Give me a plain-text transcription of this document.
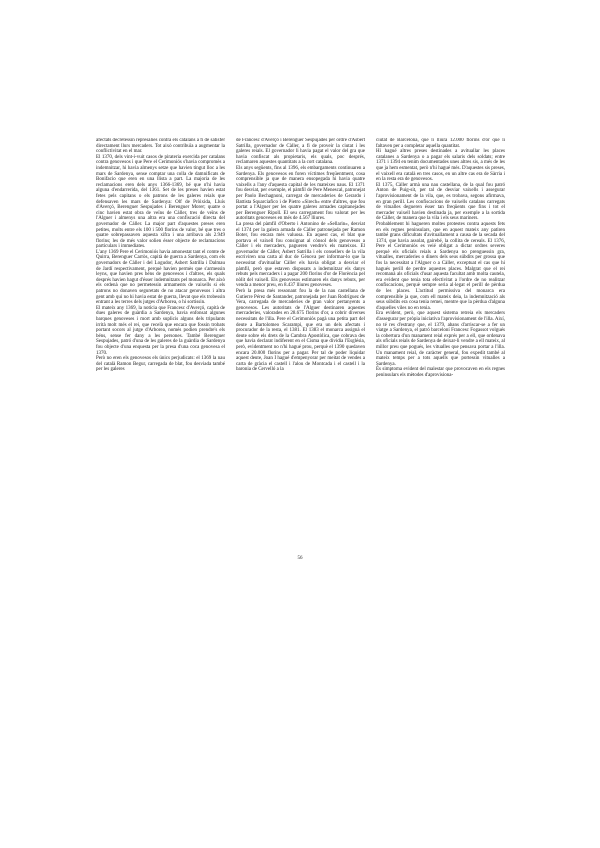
afectats decretessin represàlies contra els catalans a fi de satisfer directament llurs mercaders. Tot això contribuïa a augmentar la conflictivitat en el mar.

El 1370, dels vint-i-vuit casos de pirateria exercida per catalans contra genovesos i que Pere el Cerimoniós s'havia compromès a indemnitzar, hi havia almenys setze que havien tingut lloc a les mars de Sardenya, sense comptar una colla de damnificats de Bonifacio que eren en una llista a part. La majoria de les reclamacions eren dels anys 1366-1369, bé que n'hi havia alguna d'endarrerida, del 1361. Set de les preses havien estat fetes pels capitans o els patrons de les galeres reials que defensaven les mars de Sardenya: Olf de Pròixida, Lluís d'Averçó, Berenguer Sespujades i Berenguer Morer; quatre o cinc havien estat obra de veïns de Càller, tres de veïns de l'Alguer i almenys una altra era una confiscació directa del governador de Càller. La major part d'aquestes preses eren petites, molts entre els 100 i 500 florins de valor, bé que tres o quatre sobrepassaven aquesta xifra i una arribava als 2.949 florins; les de més valor solien ésser objecte de reclamacions particulars i immediates.

L'any 1369 Pere el Cerimoniós havia amonestat tant el comte de Quirra, Berenguer Carròs, capità de guerra a Sardenya, com els governadors de Càller i del Logudor, Asbert Satrilla i Dalmau de Jardí respectivament, perquè havien permès que s'armessin leyns, que havien pres béns de genovesos i d'altres, els quals després havien hagut d'ésser indemnitzats pel monarca. Per això els ordenà que no permetessin armaments de vaixells si els patrons no donaven seguretats de no atacar genovesos i altra gent amb qui no hi havia estat de guerra, llevat que els trobessin entrant a les terres dels jutges d'Arborea, o hi sortissin.

El mateix any 1369, la notícia que Francesc d'Averçó, capità de dues galeres de guàrdia a Sardenya, havia enfonsat algunes barques genoveses i mort amb suplicis alguns dels tripulants irrità molt més el rei, que recelà que encara que fossin trobats portant socors al jutge d'Arborea, només podien prendre's els béns, sense fer dany a les persones. També Berenguer Sespujades, patró d'una de les galeres de la guàrdia de Sardenya fou objecte d'una enquesta per la presa d'una coca genovesa el 1370.

Però no eren els genovesos els únics perjudicats: el 1369 la nau del català Ramon Begur, carregada de blat, fou desviada també per les galeres

de Francesc d'Averçó i Berenguer Sespujades per ordre d'Asbert Satrilla, governador de Càller, a fi de proveir la ciutat i les galeres reials. El governador li havia pagat el valor del gra que havia confiscat als propietaris, els quals, poc després, reclamaren aquestes quantitats a la cort catalana.

Els anys següents, fins al 1396, els embargaments continuaren a Sardenya. Els genovesos en foren víctimes freqüentment, cosa comprensible ja que de manera ensopegada hi havia quatre vaixells a l'any d'aquesta capital de les mateixes naus. El 1371 fou desviat, per exemple, el pàmfil de Pere Menescal, patronejat per Paolo Bechagnoni, carregat de mercaderies de Gerardo i Battista Squarciafico i de Pietro «Sirech» entre d'altres, que fou portat a l'Alguer per les quatre galeres armades capitanejades per Berenguer Ripoll. El seu carregament fou valorat per les autoritats genoveses en més de 4.567 lliures.

La presa del pàmfil d'Oberto i Antonino de «Sellarin», desviat el 1374 per la galera armada de Càller patronejada per Ramon Boter, fou encara més valuosa. En aquest cas, el blat que portava el vaixell fou consignat al cònsol dels genovesos a Càller i els mercaders, pagueren vendre's els mateixos. El governador de Càller, Asbert Satrilla i els consellers de la vila escriviren una carta al duc de Gènova per informar-lo que la necessitat d'avituallar Càller els havia obligat a desviar el pàmfil, però que estaven disposats a indemnitzar els danys rebuts pels mercaders i a pagar 200 florins d'or de Florència pel nòlit del vaixell. Els genovesos estimaren els danys rebuts, per venda a menor preu, en 8.437 lliures genoveses.

Però la presa més ressonant fou la de la nau castellana de Gutierre Pérez de Santander, patronejada per Juan Rodríguez de Vera, carregada de mercaderies de gran valor pertanyents a genovesos. Les autoritats de l'Alguer destinaren aquestes mercaderies, valorades en 28.675 florins d'or, a cobrir diverses necessitats de l'illa. Pere el Cerimoniós pagà una petita part del deute a Bartolomeo Scarampi, que era un dels afectats i procurador de la resta, el 1381. El 1383 el monarca assignà el deute sobre els drets de la Cambra Apostòlica, que cobrava des que havia declarat indiferent en el Cisma que dividia l'Església, però, evidentment no n'hi hagué prou, perquè el 1390 quedaven encara 20.000 florins per a pagar. Per tal de poder liquidar aquest deute, Joan I hagué d'empenyorar per meitat de vendes a carta de gràcia el castell i l'alou de Montcada i el castell i la baronia de Cervelló a la

ciutat de Barcelona, que li lliurà 12.000 florins d'or que li faltaven per a completar aquella quantitat.

Hi hagué altres preses destinades a avituallar les places catalanes a Sardenya o a pagar els salaris dels soldats; entre 1371 i 1394 en tenim documentades unes altres sis, a més de les que ja hem esmentat, però n'hi hagué més. D'aquestes sis preses, el vaixell era català en tres casos, en un altre cas era de Sàrria i en la resta era de genovesos.

El 1375, Càller armà una nau castellana, de la qual fou patró Anton de Puig-sit, per tal de desviar vaixells i assegurar l'aprovisionament de la vila, que, es trobava, segons afirmava, en gran perill. Les confiscacions de vaixells catalans carregats de vitualles degueren ésser tan freqüents que fins i tot el mercader vaixell havien destinada ja, per exemple a la sortida de Càller, de manera que la vila i els seus mariners.

Probablement hi hagueren moltes protestes contra aquests fets en els regnes peninsulars, que en aquest mateix any patiren també grans dificultats d'avituallament a causa de la secada del 1374, que havia assolat, gairebé, la collita de cereals. El 1376, Pere el Cerimoniós es veié obligat a dictar ordres severes perquè els oficials reials a Sardenya no prenguessin gra, vitualles, mercaderies o diners dels seus súbdits per grossa que fos la necessitat a l'Alguer o a Càller, exceptuat el cas que hi hagués perill de perdre aquestes places. Malgrat que el rei recomanà als oficials d'usar aquesta facultat amb molta cautela, era evident que tenia tota efectivitat a l'ordre de no realitzar confiscacions, perquè sempre seria al·legat el perill de pèrdua de les places. L'actitud permissiva del monarca era comprensible ja que, com ell mateix deia, la indemnització als seus súbdits era cosa tenia remei, mentre que la pèrdua d'alguna d'aquelles viles no en tenia.

Era evident, però, que aquest sistema retreia els mercaders d'assegurar per pròpia iniciativa l'aprovisionament de l'illa. Així, no té res d'estrany que, el 1379, abans d'arriscar-se a fer un viatge a Sardenya, el patró barceloní Francesc Fogassot volgués la cobertura d'un manament reial exprés per a ell, que ordenava als oficials reials de Sardenya de deixar-li vendre a ell mateix, al millor preu que pogués, les vitualles que pensava portar a l'illa. Un manament reial, de caràcter general, fou expedit també al mateix temps per a tots aquells que portessin vitualles a Sardenya.

És simptoma evident del malestar que provocaven en els regnes peninsulars els mètodes d'aprovisiona-

56
